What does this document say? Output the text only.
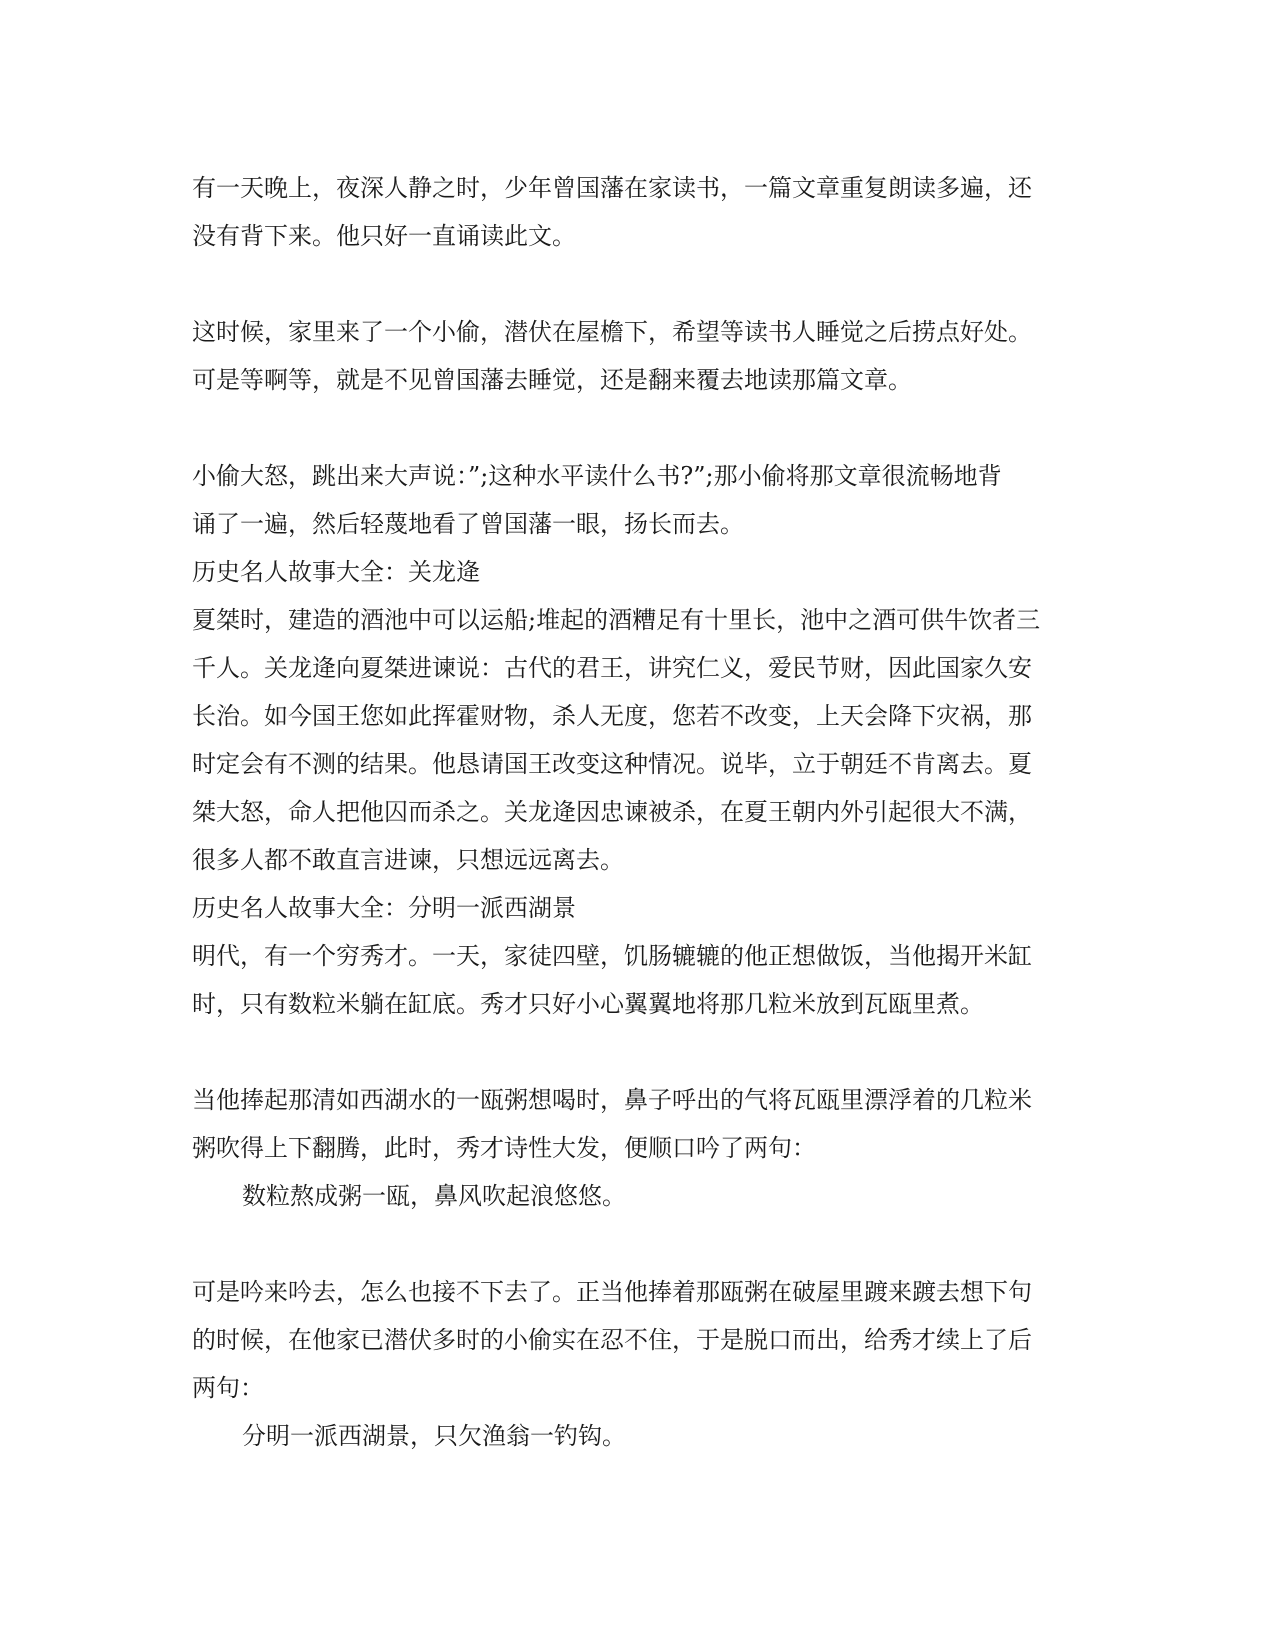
有一天晚上，夜深人静之时，少年曾国藩在家读书，一篇文章重复朗读多遍，还
没有背下来。他只好一直诵读此文。
这时候，家里来了一个小偷，潜伏在屋檐下，希望等读书人睡觉之后捞点好处。
可是等啊等，就是不见曾国藩去睡觉，还是翻来覆去地读那篇文章。
小偷大怒，跳出来大声说：”;这种水平读什么书?”;那小偷将那文章很流畅地背
诵了一遍，然后轻蔑地看了曾国藩一眼，扬长而去。
历史名人故事大全：关龙逄
夏桀时，建造的酒池中可以运船;堆起的酒糟足有十里长，池中之酒可供牛饮者三
千人。关龙逄向夏桀进谏说：古代的君王，讲究仁义，爱民节财，因此国家久安
长治。如今国王您如此挥霍财物，杀人无度，您若不改变，上天会降下灾祸，那
时定会有不测的结果。他恳请国王改变这种情况。说毕，立于朝廷不肯离去。夏
桀大怒，命人把他囚而杀之。关龙逄因忠谏被杀，在夏王朝内外引起很大不满，
很多人都不敢直言进谏，只想远远离去。
历史名人故事大全：分明一派西湖景
明代，有一个穷秀才。一天，家徒四壁，饥肠辘辘的他正想做饭，当他揭开米缸
时，只有数粒米躺在缸底。秀才只好小心翼翼地将那几粒米放到瓦瓯里煮。
当他捧起那清如西湖水的一瓯粥想喝时，鼻子呼出的气将瓦瓯里漂浮着的几粒米
粥吹得上下翻腾，此时，秀才诗性大发，便顺口吟了两句：
数粒熬成粥一瓯，鼻风吹起浪悠悠。
可是吟来吟去，怎么也接不下去了。正当他捧着那瓯粥在破屋里踱来踱去想下句
的时候，在他家已潜伏多时的小偷实在忍不住，于是脱口而出，给秀才续上了后
两句：
分明一派西湖景，只欠渔翁一钓钩。
